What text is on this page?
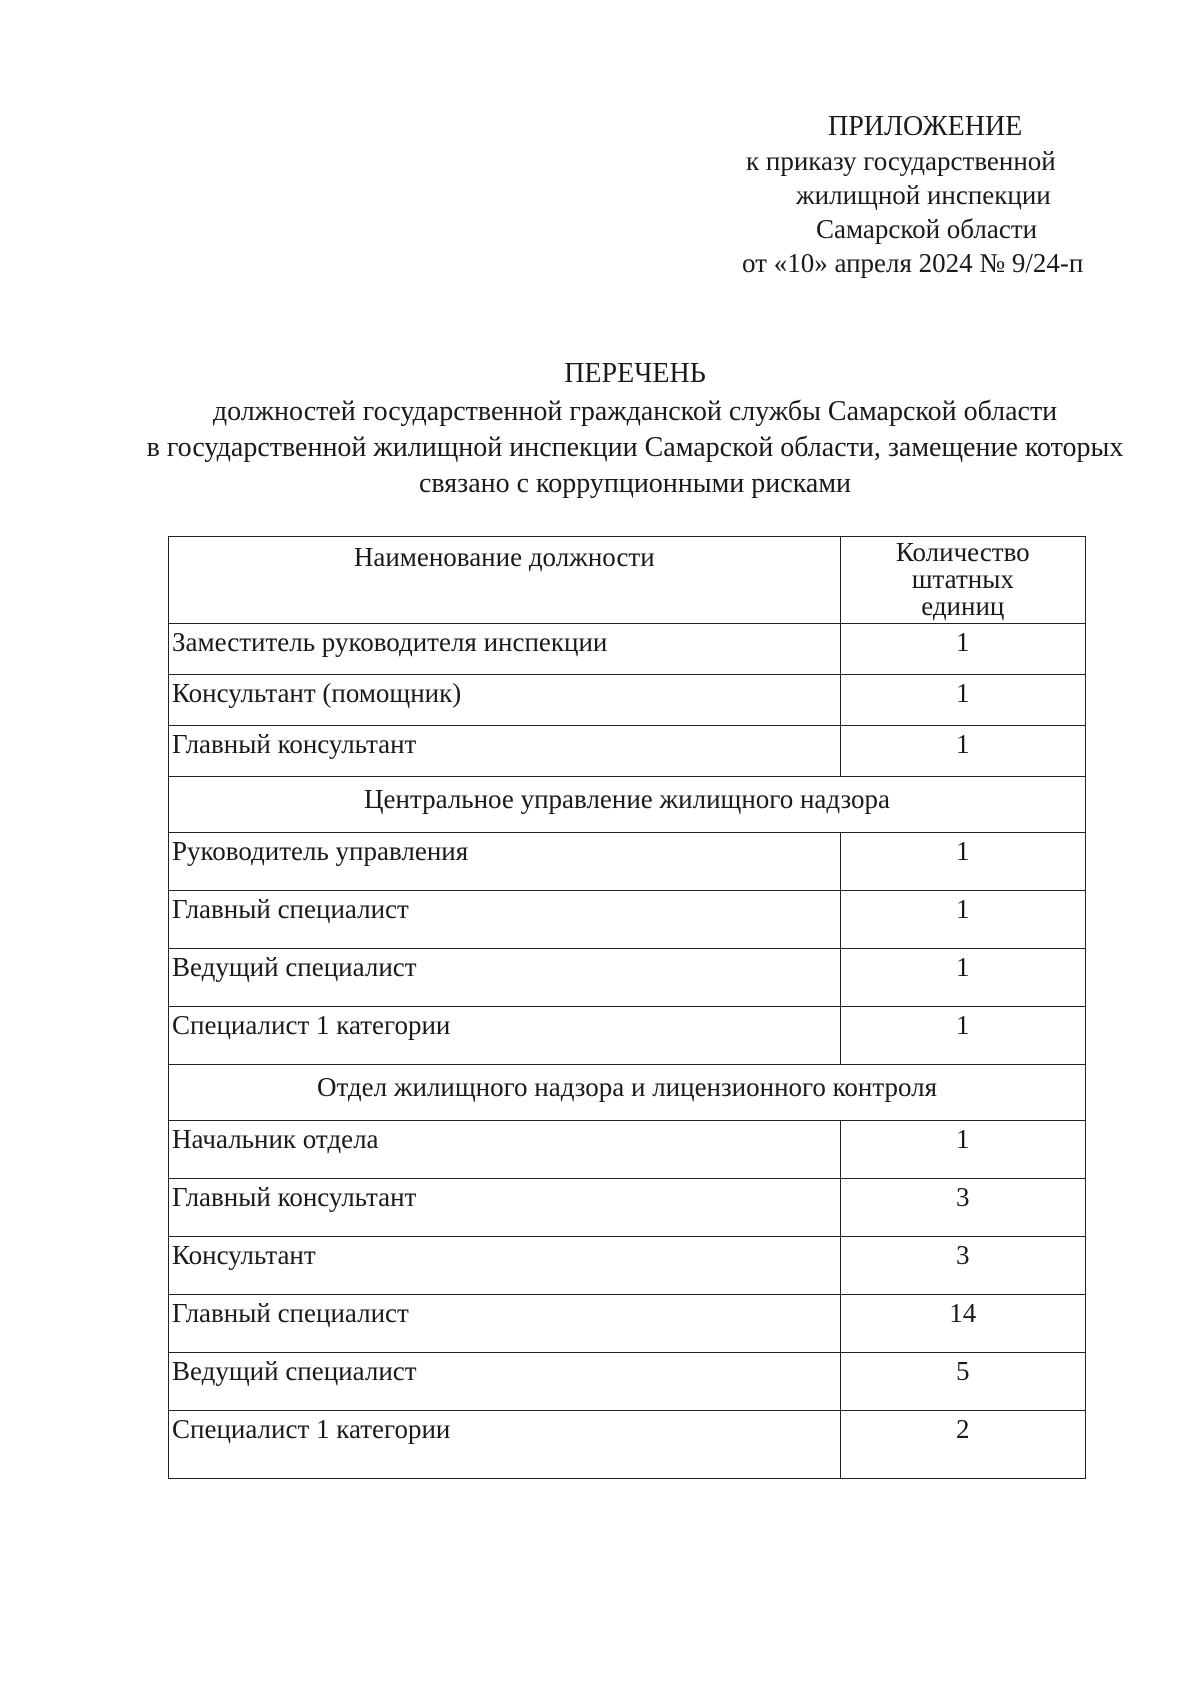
ПРИЛОЖЕНИЕ
к приказу государственной
жилищной инспекции
Самарской области
от «10» апреля 2024 № 9/24-п
ПЕРЕЧЕНЬ
должностей государственной гражданской службы Самарской области
в государственной жилищной инспекции Самарской области, замещение которых
связано с коррупционными рисками
Наименование должности	Количество
штатных
единиц

Заместитель руководителя инспекции	1
Консультант (помощник)	1
Главный консультант	1
Центральное управление жилищного надзора	
Руководитель управления	1
Главный специалист	1
Ведущий специалист	1
Специалист 1 категории	1
Отдел жилищного надзора и лицензионного контроля	
Начальник отдела	1
Главный консультант	3
Консультант	3
Главный специалист	14
Ведущий специалист	5
Специалист 1 категории	2
